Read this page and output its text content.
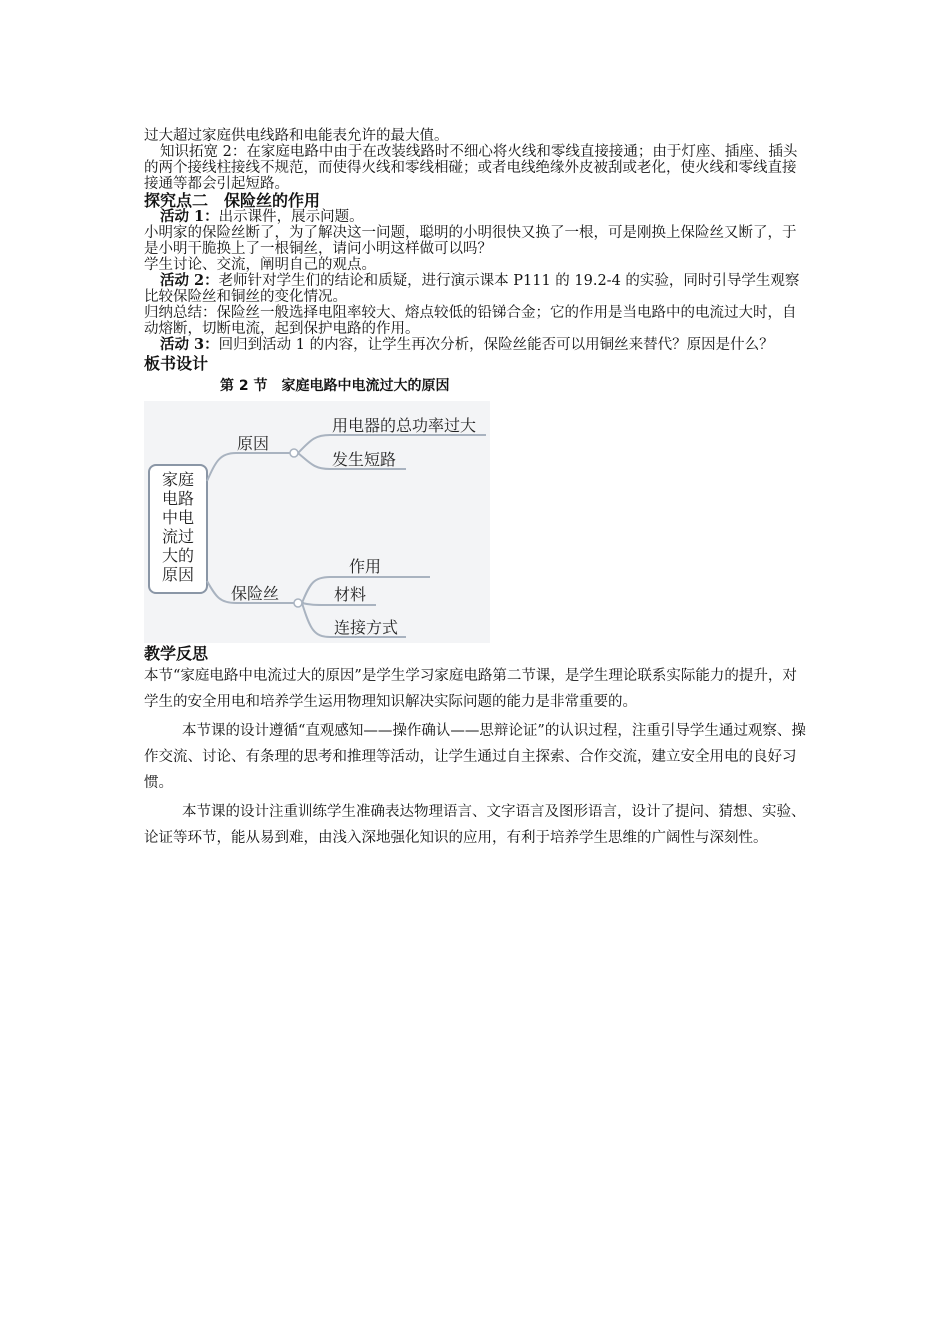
过大超过家庭供电线路和电能表允许的最大值。

知识拓宽 2：在家庭电路中由于在改装线路时不细心将火线和零线直接接通；由于灯座、插座、插头的两个接线柱接线不规范，而使得火线和零线相碰；或者电线绝缘外皮被刮或老化，使火线和零线直接接通等都会引起短路。

探究点二　保险丝的作用

活动 1：出示课件，展示问题。

小明家的保险丝断了，为了解决这一问题，聪明的小明很快又换了一根，可是刚换上保险丝又断了，于是小明干脆换上了一根铜丝，请问小明这样做可以吗？

学生讨论、交流，阐明自己的观点。

活动 2：老师针对学生们的结论和质疑，进行演示课本 P111 的 19.2-4 的实验，同时引导学生观察比较保险丝和铜丝的变化情况。

归纳总结：保险丝一般选择电阻率较大、熔点较低的铅锑合金；它的作用是当电路中的电流过大时，自动熔断，切断电流，起到保护电路的作用。

活动 3：回归到活动 1 的内容，让学生再次分析，保险丝能否可以用铜丝来替代？原因是什么？

板书设计

第 2 节　家庭电路中电流过大的原因

家庭
电路
中电
流过
大的
原因
原因
用电器的总功率过大
发生短路
保险丝
作用
材料
连接方式

教学反思

本节“家庭电路中电流过大的原因”是学生学习家庭电路第二节课，是学生理论联系实际能力的提升，对学生的安全用电和培养学生运用物理知识解决实际问题的能力是非常重要的。

本节课的设计遵循“直观感知——操作确认——思辩论证”的认识过程，注重引导学生通过观察、操作交流、讨论、有条理的思考和推理等活动，让学生通过自主探索、合作交流，建立安全用电的良好习惯。

本节课的设计注重训练学生准确表达物理语言、文字语言及图形语言，设计了提问、猜想、实验、论证等环节，能从易到难，由浅入深地强化知识的应用，有利于培养学生思维的广阔性与深刻性。
